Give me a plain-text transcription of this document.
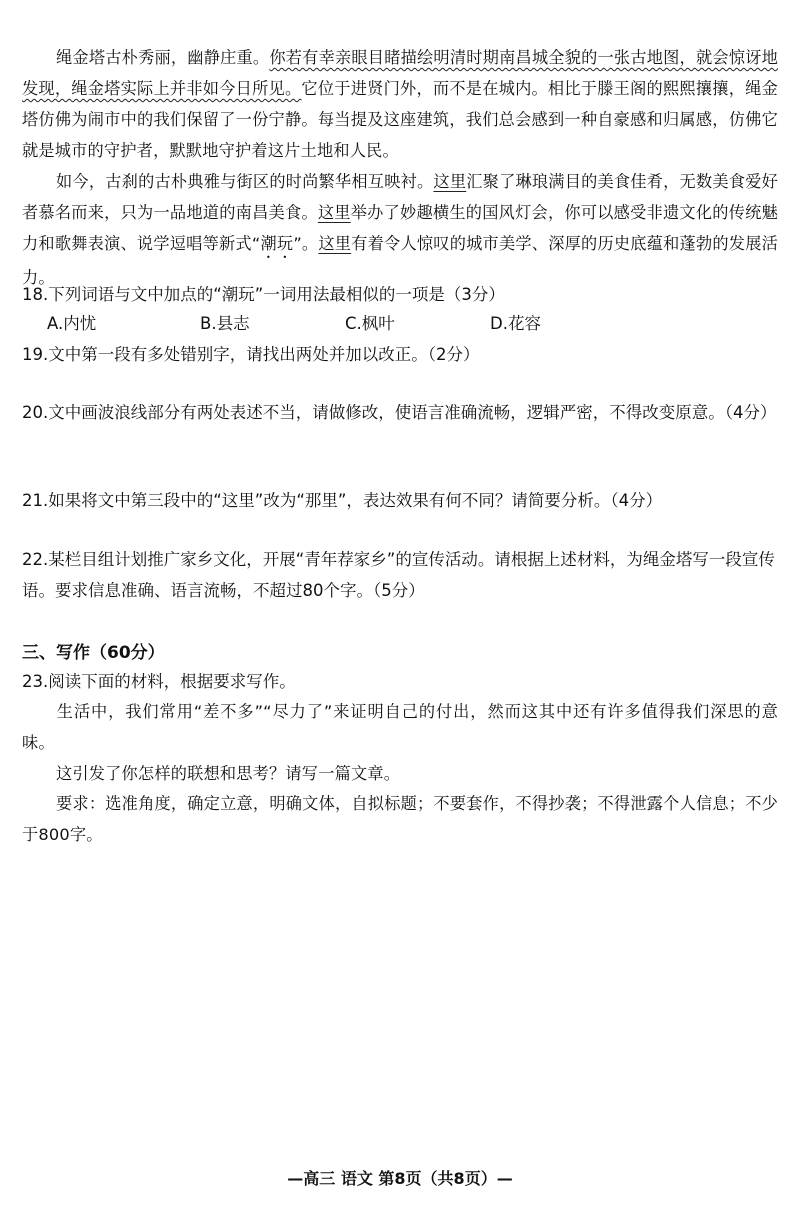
绳金塔古朴秀丽，幽静庄重。你若有幸亲眼目睹描绘明清时期南昌城全貌的一张古地图，就会惊讶地发现，绳金塔实际上并非如今日所见。它位于进贤门外，而不是在城内。相比于滕王阁的熙熙攘攘，绳金塔仿佛为闹市中的我们保留了一份宁静。每当提及这座建筑，我们总会感到一种自豪感和归属感，仿佛它就是城市的守护者，默默地守护着这片土地和人民。
如今，古刹的古朴典雅与街区的时尚繁华相互映衬。这里汇聚了琳琅满目的美食佳肴，无数美食爱好者慕名而来，只为一品地道的南昌美食。这里举办了妙趣横生的国风灯会，你可以感受非遗文化的传统魅力和歌舞表演、说学逗唱等新式“潮玩”。这里有着令人惊叹的城市美学、深厚的历史底蕴和蓬勃的发展活力。
18.下列词语与文中加点的“潮玩”一词用法最相似的一项是（3分）
A.内忧	B.县志	C.枫叶	D.花容
19.文中第一段有多处错别字，请找出两处并加以改正。（2分）
20.文中画波浪线部分有两处表述不当，请做修改，使语言准确流畅，逻辑严密，不得改变原意。（4分）
21.如果将文中第三段中的“这里”改为“那里”，表达效果有何不同？请简要分析。（4分）
22.某栏目组计划推广家乡文化，开展“青年荐家乡”的宣传活动。请根据上述材料，为绳金塔写一段宣传语。要求信息准确、语言流畅，不超过80个字。（5分）
三、写作（60分）
23.阅读下面的材料，根据要求写作。
生活中，我们常用“差不多”“尽力了”来证明自己的付出，然而这其中还有许多值得我们深思的意味。
这引发了你怎样的联想和思考？请写一篇文章。
要求：选准角度，确定立意，明确文体，自拟标题；不要套作，不得抄袭；不得泄露个人信息；不少于800字。
—高三 语文 第8页（共8页）—
